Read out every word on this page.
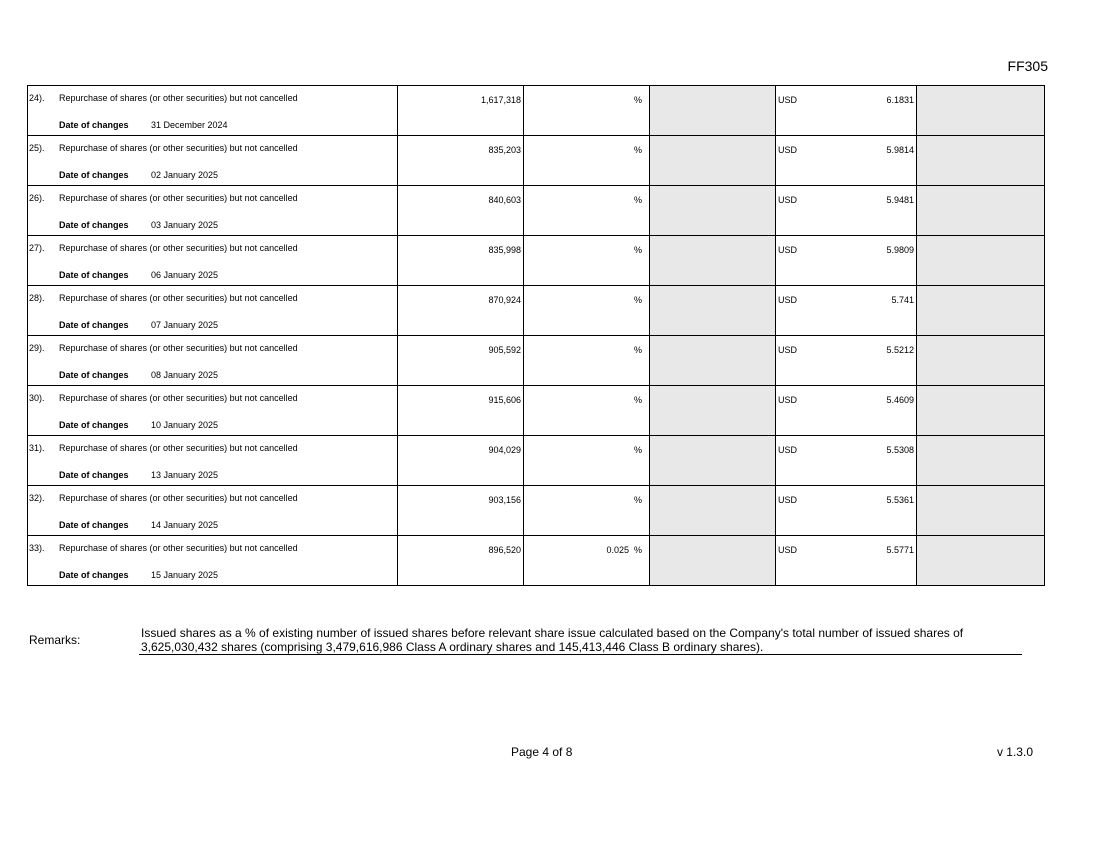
FF305
24). Repurchase of shares (or other securities) but not cancelled
Date of changes 31 December 2024	1,617,318	%		USD 6.1831	

25). Repurchase of shares (or other securities) but not cancelled
Date of changes 02 January 2025	835,203	%		USD 5.9814	

26). Repurchase of shares (or other securities) but not cancelled
Date of changes 03 January 2025	840,603	%		USD 5.9481	

27). Repurchase of shares (or other securities) but not cancelled
Date of changes 06 January 2025	835,998	%		USD 5.9809	

28). Repurchase of shares (or other securities) but not cancelled
Date of changes 07 January 2025	870,924	%		USD 5.741	

29). Repurchase of shares (or other securities) but not cancelled
Date of changes 08 January 2025	905,592	%		USD 5.5212	

30). Repurchase of shares (or other securities) but not cancelled
Date of changes 10 January 2025	915,606	%		USD 5.4609	

31). Repurchase of shares (or other securities) but not cancelled
Date of changes 13 January 2025	904,029	%		USD 5.5308	

32). Repurchase of shares (or other securities) but not cancelled
Date of changes 14 January 2025	903,156	%		USD 5.5361	

33). Repurchase of shares (or other securities) but not cancelled
Date of changes 15 January 2025	896,520	0.025  %		USD 5.5771	

Remarks:	Issued shares as a % of existing number of issued shares before relevant share issue calculated based on the Company's total number of issued shares of 3,625,030,432 shares (comprising 3,479,616,986 Class A ordinary shares and 145,413,446 Class B ordinary shares).
Page 4 of 8	v 1.3.0
